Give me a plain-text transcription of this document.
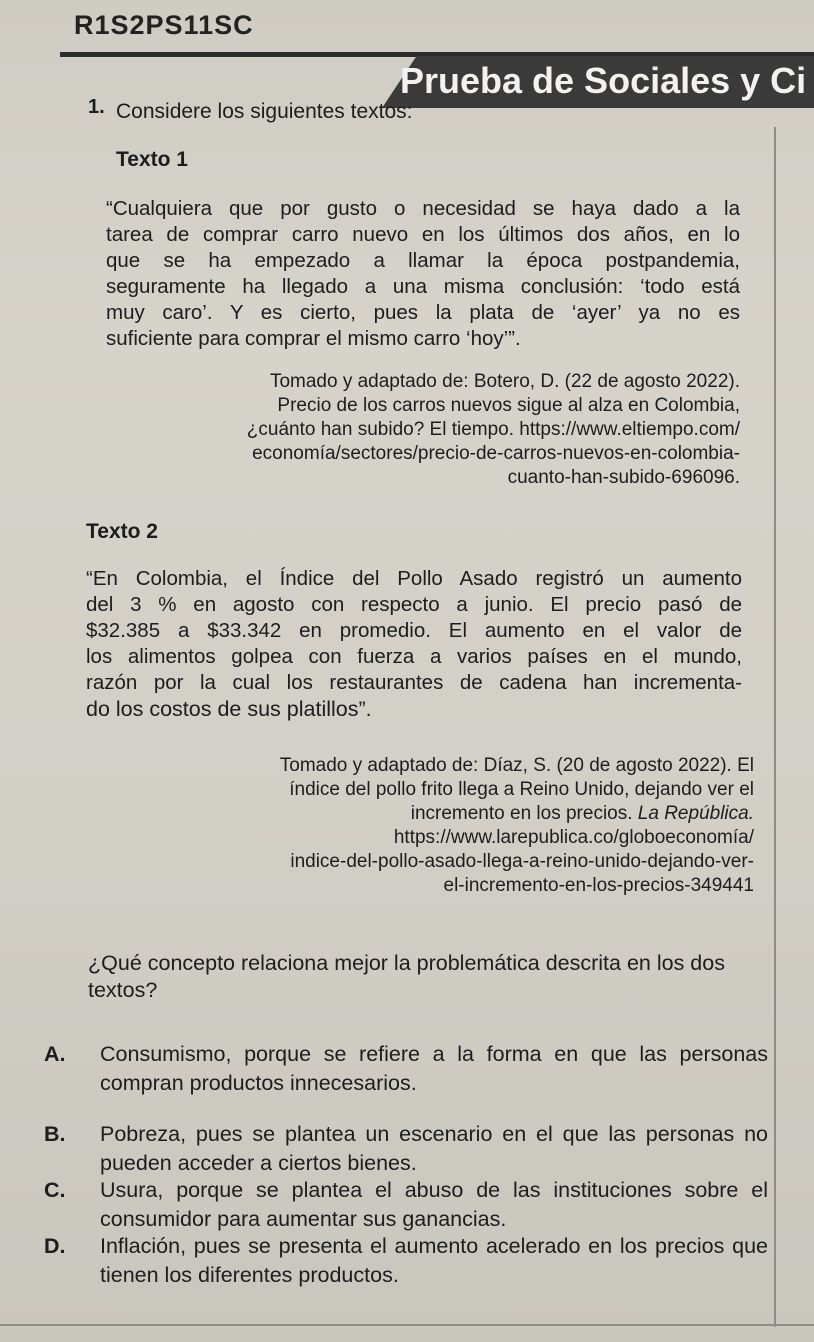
R1S2PS11SC
Prueba de Sociales y Ci
1. Considere los siguientes textos:
Texto 1
“Cualquiera que por gusto o necesidad se haya dado a la
tarea de comprar carro nuevo en los últimos dos años, en lo
que se ha empezado a llamar la época postpandemia,
seguramente ha llegado a una misma conclusión: ‘todo está
muy caro’. Y es cierto, pues la plata de ‘ayer’ ya no es
suficiente para comprar el mismo carro ‘hoy’”.
Tomado y adaptado de: Botero, D. (22 de agosto 2022).
Precio de los carros nuevos sigue al alza en Colombia,
¿cuánto han subido? El tiempo. https://www.eltiempo.com/
economía/sectores/precio-de-carros-nuevos-en-colombia-
cuanto-han-subido-696096.
Texto 2
“En Colombia, el Índice del Pollo Asado registró un aumento
del 3 % en agosto con respecto a junio. El precio pasó de
$32.385 a $33.342 en promedio. El aumento en el valor de
los alimentos golpea con fuerza a varios países en el mundo,
razón por la cual los restaurantes de cadena han incrementa-
do los costos de sus platillos”.
Tomado y adaptado de: Díaz, S. (20 de agosto 2022). El
índice del pollo frito llega a Reino Unido, dejando ver el
incremento en los precios. La República.
https://www.larepublica.co/globoeconomía/
indice-del-pollo-asado-llega-a-reino-unido-dejando-ver-
el-incremento-en-los-precios-349441
¿Qué concepto relaciona mejor la problemática descrita en los dos textos?
A. Consumismo, porque se refiere a la forma en que las personas compran productos innecesarios.
B. Pobreza, pues se plantea un escenario en el que las personas no pueden acceder a ciertos bienes.
C. Usura, porque se plantea el abuso de las instituciones sobre el consumidor para aumentar sus ganancias.
D. Inflación, pues se presenta el aumento acelerado en los precios que tienen los diferentes productos.
